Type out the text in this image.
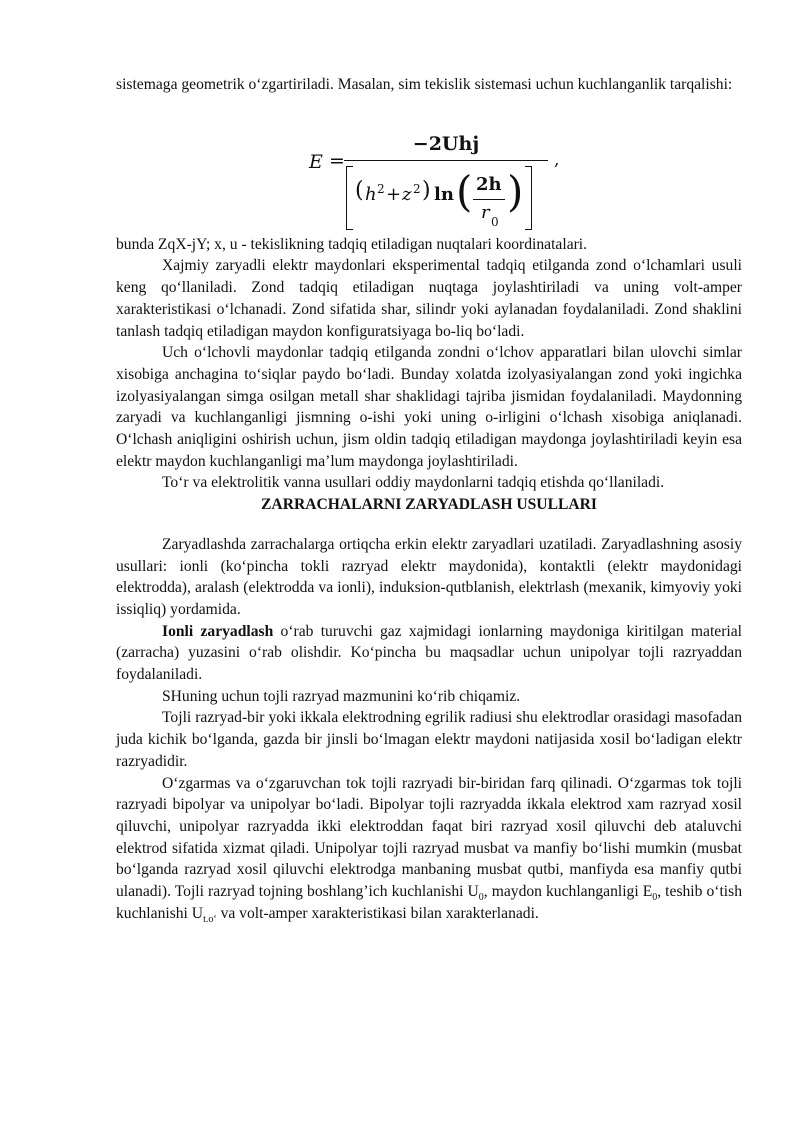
sistemaga geometrik o‘zgartiriladi. Masalan, sim tekislik sistemasi uchun kuchlanganlik tarqalishi:

E =
−2Uhj
,
( h 2 + z 2 ) ln ( 2h
r 0
)

bunda ZqX-jY; x, u - tekislikning tadqiq etiladigan nuqtalari koordinatalari.

Xajmiy zaryadli elektr maydonlari eksperimental tadqiq etilganda zond o‘lchamlari usuli keng qo‘llaniladi. Zond tadqiq etiladigan nuqtaga joylashtiriladi va uning volt-amper xarakteristikasi o‘lchanadi. Zond sifatida shar, silindr yoki aylanadan foydalaniladi. Zond shaklini tanlash tadqiq etiladigan maydon konfiguratsiyaga bo-liq bo‘ladi.

Uch o‘lchovli maydonlar tadqiq etilganda zondni o‘lchov apparatlari bilan ulovchi simlar xisobiga anchagina to‘siqlar paydo bo‘ladi. Bunday xolatda izolyasiyalangan zond yoki ingichka izolyasiyalangan simga osilgan metall shar shaklidagi tajriba jismidan foydalaniladi. Maydonning zaryadi va kuchlanganligi jismning o-ishi yoki uning o-irligini o‘lchash xisobiga aniqlanadi. O‘lchash aniqligini oshirish uchun, jism oldin tadqiq etiladigan maydonga joylashtiriladi keyin esa elektr maydon kuchlanganligi ma’lum maydonga joylashtiriladi.

To‘r va elektrolitik vanna usullari oddiy maydonlarni tadqiq etishda qo‘llaniladi.

ZARRACHALARNI ZARYADLASH USULLARI

Zaryadlashda zarrachalarga ortiqcha erkin elektr zaryadlari uzatiladi. Zaryadlashning asosiy usullari: ionli (ko‘pincha tokli razryad elektr maydonida), kontaktli (elektr maydonidagi elektrodda), aralash (elektrodda va ionli), induksion-qutblanish, elektrlash (mexanik, kimyoviy yoki issiqliq) yordamida.

Ionli zaryadlash o‘rab turuvchi gaz xajmidagi ionlarning maydoniga kiritilgan material (zarracha) yuzasini o‘rab olishdir. Ko‘pincha bu maqsadlar uchun unipolyar tojli razryaddan foydalaniladi.

SHuning uchun tojli razryad mazmunini ko‘rib chiqamiz.

Tojli razryad-bir yoki ikkala elektrodning egrilik radiusi shu elektrodlar orasidagi masofadan juda kichik bo‘lganda, gazda bir jinsli bo‘lmagan elektr maydoni natijasida xosil bo‘ladigan elektr razryadidir.

O‘zgarmas va o‘zgaruvchan tok tojli razryadi bir-biridan farq qilinadi. O‘zgarmas tok tojli razryadi bipolyar va unipolyar bo‘ladi. Bipolyar tojli razryadda ikkala elektrod xam razryad xosil qiluvchi, unipolyar razryadda ikki elektroddan faqat biri razryad xosil qiluvchi deb ataluvchi elektrod sifatida xizmat qiladi. Unipolyar tojli razryad musbat va manfiy bo‘lishi mumkin (musbat bo‘lganda razryad xosil qiluvchi elektrodga manbaning musbat qutbi, manfiyda esa manfiy qutbi ulanadi). Tojli razryad tojning boshlang’ich kuchlanishi $U_0$, maydon kuchlanganligi $E_0$, teshib o‘tish kuchlanishi $U_{t.o‘}$ va volt-amper xarakteristikasi bilan xarakterlanadi.
